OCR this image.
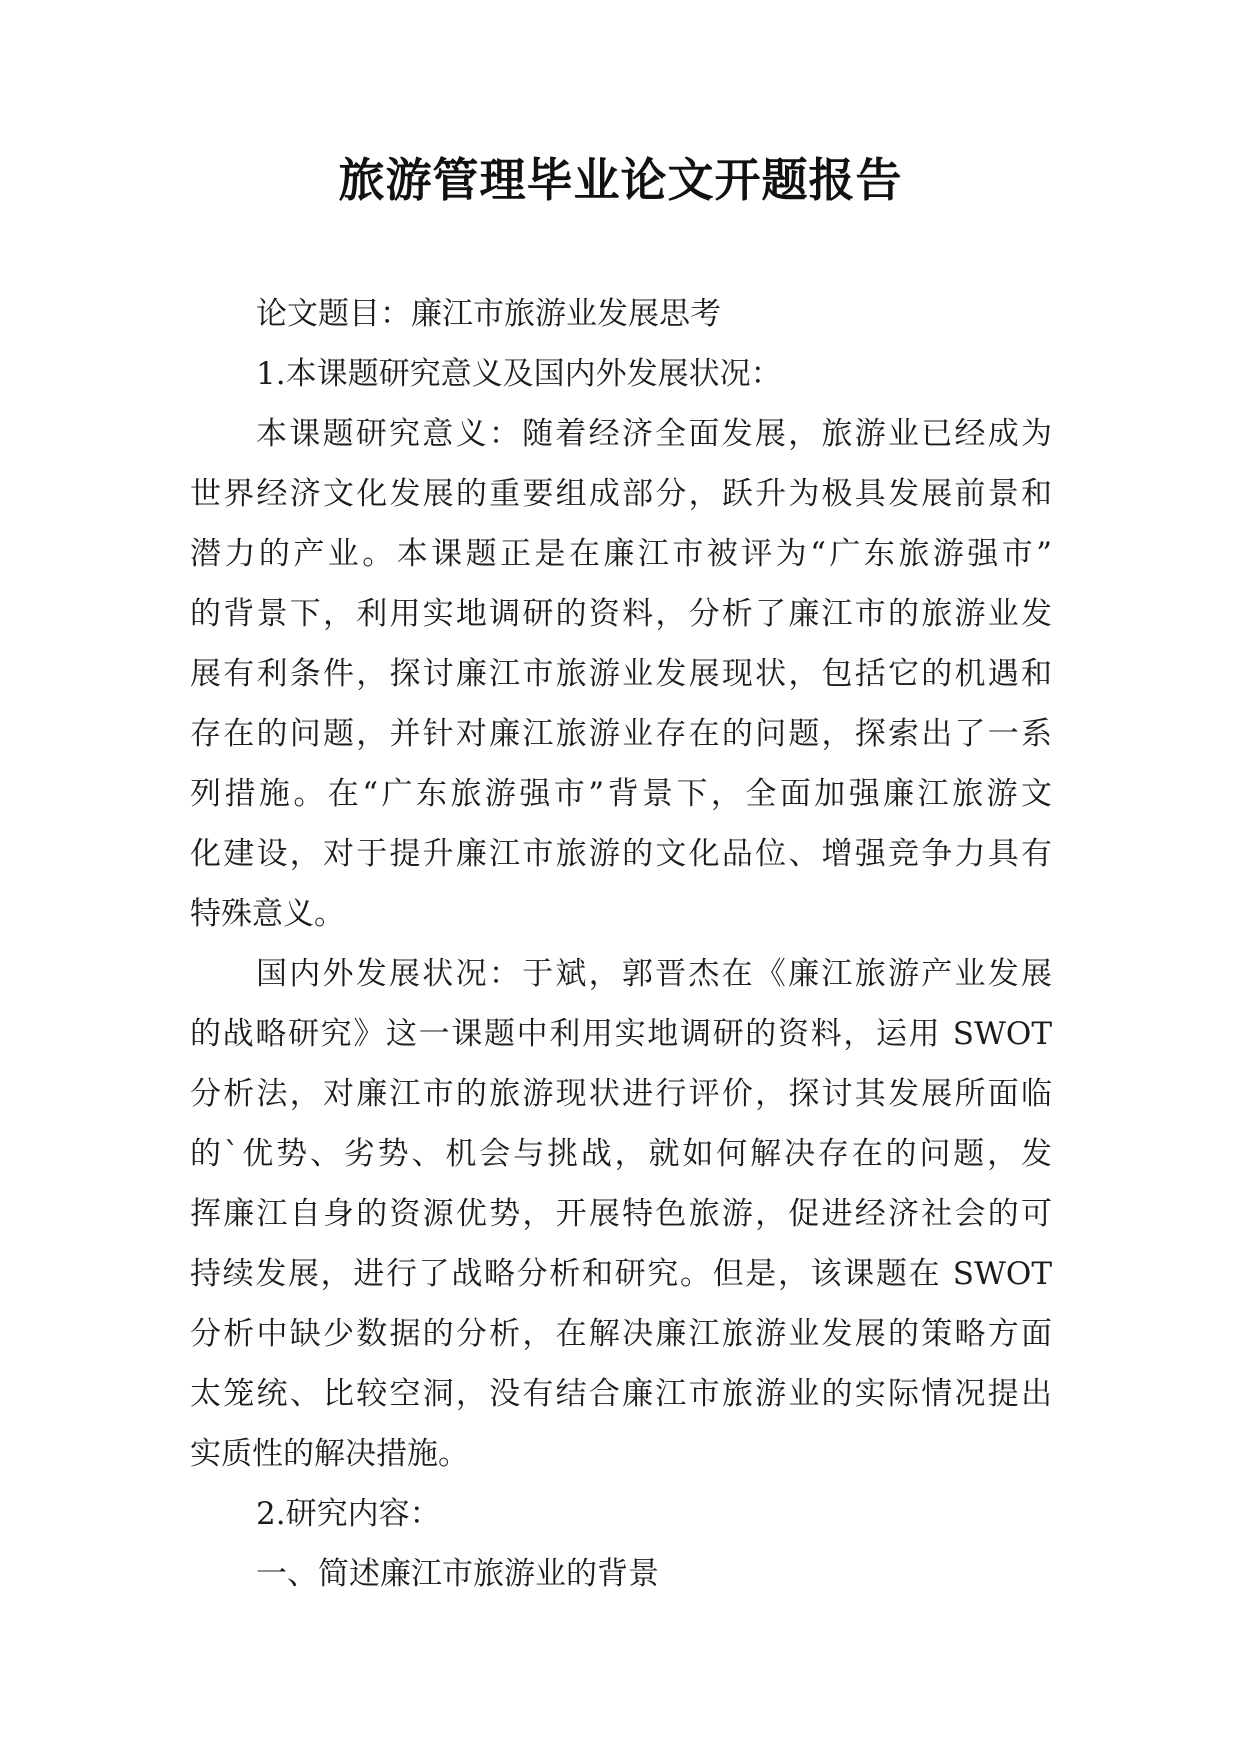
旅游管理毕业论文开题报告
论文题目：廉江市旅游业发展思考
1.本课题研究意义及国内外发展状况：
本课题研究意义：随着经济全面发展，旅游业已经成为
世界经济文化发展的重要组成部分，跃升为极具发展前景和
潜力的产业。本课题正是在廉江市被评为“广东旅游强市”
的背景下，利用实地调研的资料，分析了廉江市的旅游业发
展有利条件，探讨廉江市旅游业发展现状，包括它的机遇和
存在的问题，并针对廉江旅游业存在的问题，探索出了一系
列措施。在“广东旅游强市”背景下，全面加强廉江旅游文
化建设，对于提升廉江市旅游的文化品位、增强竞争力具有
特殊意义。
国内外发展状况：于斌，郭晋杰在《廉江旅游产业发展
的战略研究》这一课题中利用实地调研的资料，运用 SWOT
分析法，对廉江市的旅游现状进行评价，探讨其发展所面临
的`优势、劣势、机会与挑战，就如何解决存在的问题，发
挥廉江自身的资源优势，开展特色旅游，促进经济社会的可
持续发展，进行了战略分析和研究。但是，该课题在 SWOT
分析中缺少数据的分析，在解决廉江旅游业发展的策略方面
太笼统、比较空洞，没有结合廉江市旅游业的实际情况提出
实质性的解决措施。
2.研究内容：
一、简述廉江市旅游业的背景
